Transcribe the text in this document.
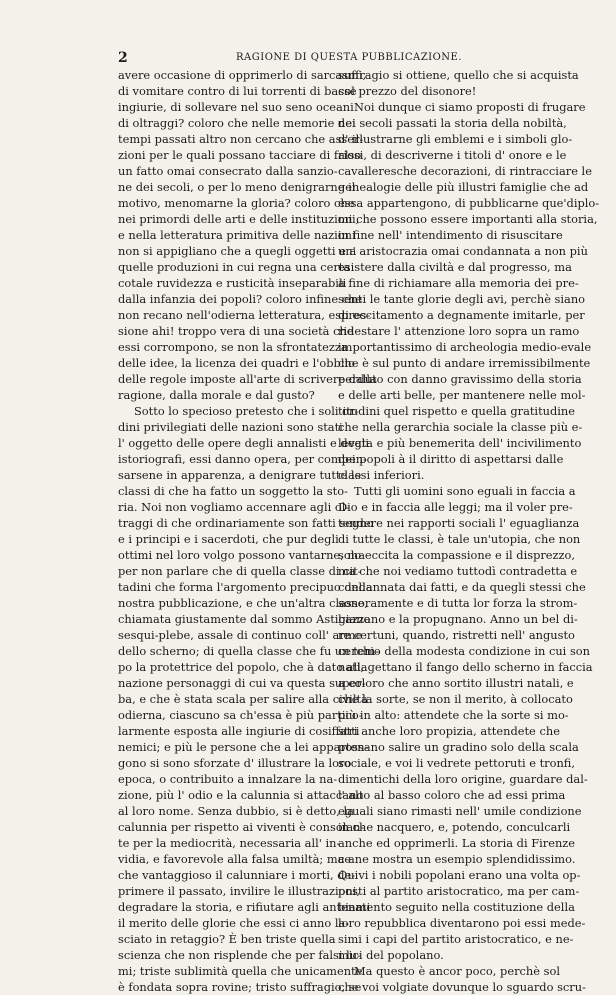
2	RAGIONE DI QUESTA PUBBLICAZIONE.
avere occasione di opprimerlo di sarcasmi,
di vomitare contro di lui torrenti di basse
ingiurie, di sollevare nel suo seno oceani
di oltraggi? coloro che nelle memorie dei
tempi passati altro non cercano che asser-
zioni per le quali possano tacciare di falso
un fatto omai consecrato dalla sanzio-
ne dei secoli, o per lo meno denigrarne il
motivo, menomarne la gloria? coloro che
nei primordi delle arti e delle instituzioni,
e nella letteratura primitiva delle nazioni
non si appigliano che a quegli oggetti e a
quelle produzioni in cui regna una certa
cotale ruvidezza e rusticità inseparabili
dalla infanzia dei popoli? coloro infine che
non recano nell'odierna letteratura, espres-
sione ahi! troppo vera di una società che
essi corrompono, se non la sfrontatezza
delle idee, la licenza dei quadri e l'obblio
delle regole imposte all'arte di scrivere dalla
ragione, dalla morale e dal gusto?
Sotto lo specioso pretesto che i soli or-
dini privilegiati delle nazioni sono stati
l' oggetto delle opere degli annalisti e degli
istoriografi, essi danno opera, per compen-
sarsene in apparenza, a denigrare tutte le
classi di che ha fatto un soggetto la sto-
ria. Noi non vogliamo accennare agli ol-
traggi di che ordinariamente son fatti segno
e i principi e i sacerdoti, che pur degli
ottimi nel loro volgo possono vantarne, ma
per non parlare che di quella classe di cit-
tadini che forma l'argomento precipuo della
nostra pubblicazione, e che un'altra classe,
chiamata giustamente dal sommo Astigiano
sesqui-plebe, assale di continuo coll' arme
dello scherno; di quella classe che fu un tem-
po la protettrice del popolo, che à dato alla
nazione personaggi di cui va questa super-
ba, e che è stata scala per salire alla civiltà
odierna, ciascuno sa ch'essa è più partico-
larmente esposta alle ingiurie di cosiffatti
nemici; e più le persone che a lei apparten-
gono si sono sforzate d' illustrare la loro
epoca, o contribuito a innalzare la na-
zione, più l' odio e la calunnia si attaccano
al loro nome. Senza dubbio, si è detto, la
calunnia per rispetto ai viventi è consolan-
te per la mediocrità, necessaria all' in-
vidia, e favorevole alla falsa umiltà; ma a
che vantaggioso il calunniare i morti, de-
primere il passato, invilire le illustrazioni,
degradare la storia, e rifiutare agli antenati
il merito delle glorie che essi ci anno la-
sciato in retaggio? È ben triste quella
scienza che non risplende che per falsi lu-
mi; triste sublimità quella che unicamente
è fondata sopra rovine; tristo suffragio, se
suffragio si ottiene, quello che si acquista
col prezzo del disonore!
Noi dunque ci siamo proposti di frugare
nei secoli passati la storia della nobiltà,
d' illustrarne gli emblemi e i simboli glo-
riosi, di descriverne i titoli d' onore e le
cavalleresche decorazioni, di rintracciare le
genealogie delle più illustri famiglie che ad
essa appartengono, di pubblicarne que'diplo-
mi che possono essere importanti alla storia,
in fine nell' intendimento di risuscitare
un' aristocrazia omai condannata a non più
esistere dalla civiltà e dal progresso, ma
a fine di richiamare alla memoria dei pre-
senti le tante glorie degli avi, perchè siano
di eccitamento a degnamente imitarle, per
ridestare l' attenzione loro sopra un ramo
importantissimo di archeologia medio-evale
che è sul punto di andare irremissibilmente
perduto con danno gravissimo della storia
e delle arti belle, per mantenere nelle mol-
titudini quel rispetto e quella gratitudine
che nella gerarchia sociale la classe più e-
levata e più benemerita dell' incivilimento
dei popoli à il diritto di aspettarsi dalle
classi inferiori.
Tutti gli uomini sono eguali in faccia a
Dio e in faccia alle leggi; ma il voler pre-
tendere nei rapporti sociali l' eguaglianza
di tutte le classi, è tale un'utopia, che non
solo eccita la compassione e il disprezzo,
ma che noi vediamo tuttodì contradetta e
condannata dai fatti, e da quegli stessi che
sonoramente e di tutta lor forza la strom-
bazzano e la propugnano. Anno un bel di-
re certuni, quando, ristretti nell' angusto
cerchio della modesta condizione in cui son
nati, gettano il fango dello scherno in faccia
a coloro che anno sortito illustri natali, e
che la sorte, se non il merito, à collocato
più in alto: attendete che la sorte si mo-
stri anche loro propizia, attendete che
possano salire un gradino solo della scala
sociale, e voi li vedrete pettoruti e tronfi,
dimentichi della loro origine, guardare dal-
l' alto al basso coloro che ad essi prima
eguali siano rimasti nell' umile condizione
in che nacquero, e, potendo, conculcarli
anche ed opprimerli. La storia di Firenze
ce ne mostra un esempio splendidissimo.
Quivi i nobili popolani erano una volta op-
posti al partito aristocratico, ma per cam-
biamento seguito nella costituzione della
loro repubblica diventarono poi essi mede-
simi i capi del partito aristocratico, e ne-
mici del popolano.
Ma questo è ancor poco, perchè sol
che voi volgiate dovunque lo sguardo scru-
